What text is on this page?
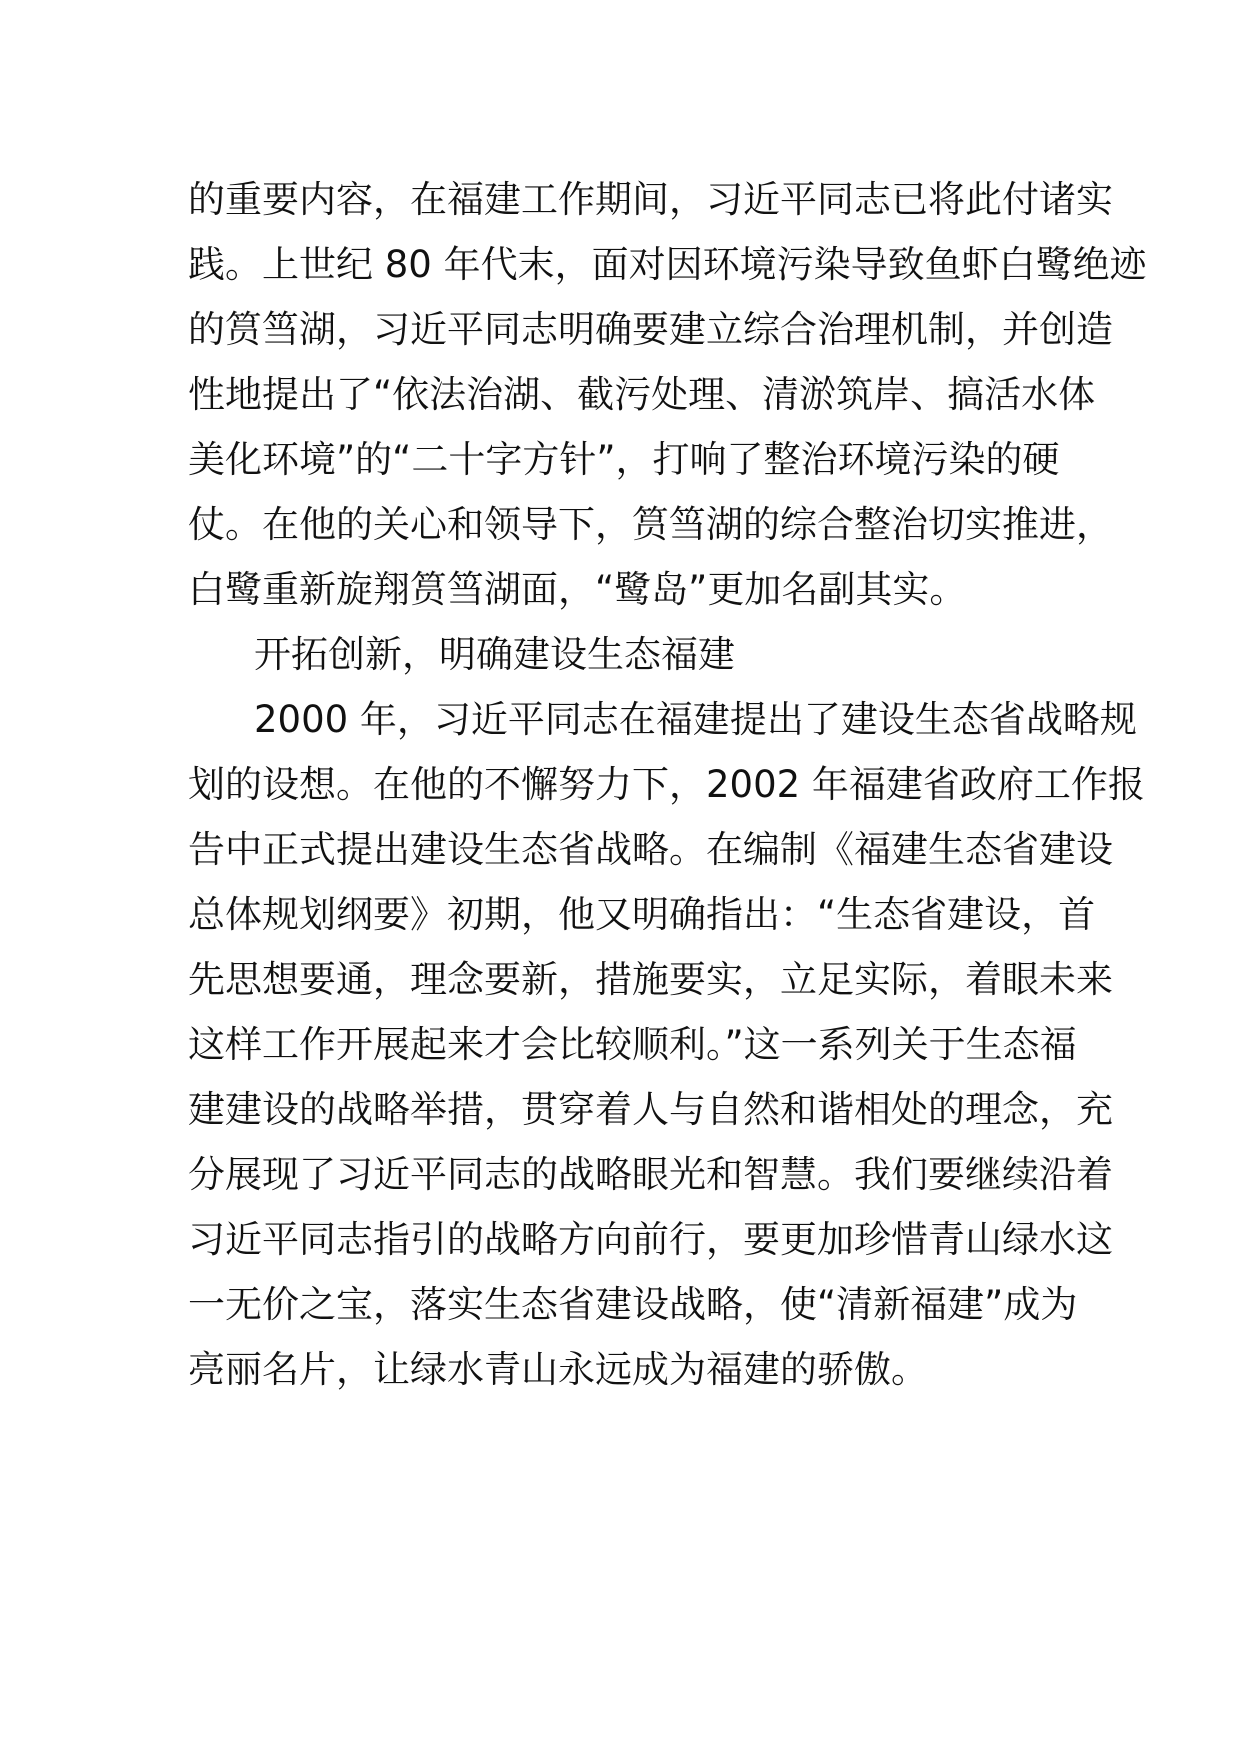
的重要内容，在福建工作期间，习近平同志已将此付诸实
践。上世纪 80 年代末，面对因环境污染导致鱼虾白鹭绝迹
的筼筜湖，习近平同志明确要建立综合治理机制，并创造
性地提出了“依法治湖、截污处理、清淤筑岸、搞活水体
美化环境”的“二十字方针”，打响了整治环境污染的硬
仗。在他的关心和领导下，筼筜湖的综合整治切实推进，
白鹭重新旋翔筼筜湖面，“鹭岛”更加名副其实。
开拓创新，明确建设生态福建
2000 年，习近平同志在福建提出了建设生态省战略规
划的设想。在他的不懈努力下，2002 年福建省政府工作报
告中正式提出建设生态省战略。在编制《福建生态省建设
总体规划纲要》初期，他又明确指出：“生态省建设，首
先思想要通，理念要新，措施要实，立足实际，着眼未来
这样工作开展起来才会比较顺利。”这一系列关于生态福
建建设的战略举措，贯穿着人与自然和谐相处的理念，充
分展现了习近平同志的战略眼光和智慧。我们要继续沿着
习近平同志指引的战略方向前行，要更加珍惜青山绿水这
一无价之宝，落实生态省建设战略，使“清新福建”成为
亮丽名片，让绿水青山永远成为福建的骄傲。
